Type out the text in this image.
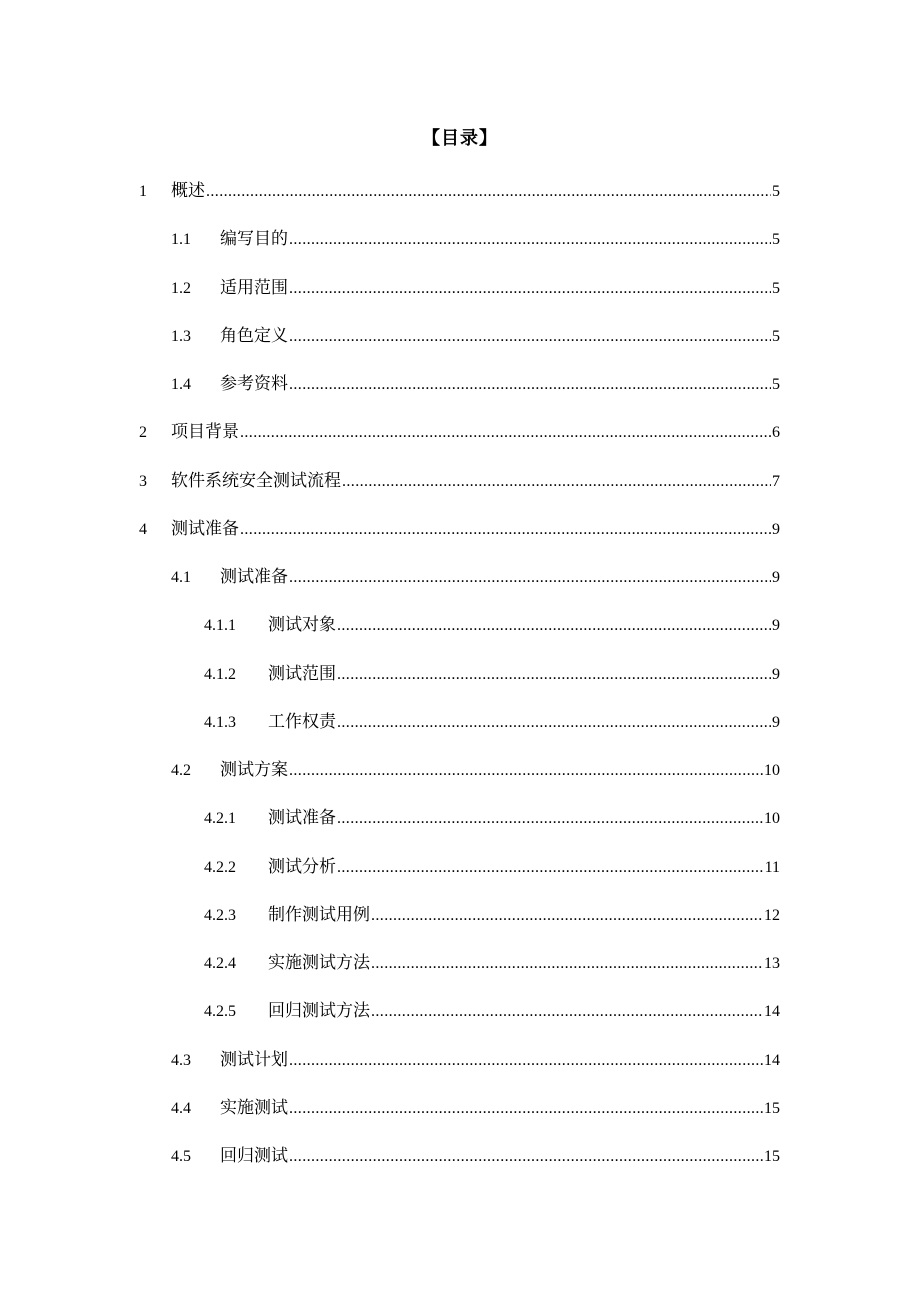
【目录】
1	概述 .....	5
1.1	编写目的 .....	5
1.2	适用范围 .....	5
1.3	角色定义 .....	5
1.4	参考资料 .....	5
2	项目背景 .....	6
3	软件系统安全测试流程 .....	7
4	测试准备 .....	9
4.1	测试准备 .....	9
4.1.1	测试对象 .....	9
4.1.2	测试范围 .....	9
4.1.3	工作权责 .....	9
4.2	测试方案 .....	10
4.2.1	测试准备 .....	10
4.2.2	测试分析 .....	11
4.2.3	制作测试用例 .....	12
4.2.4	实施测试方法 .....	13
4.2.5	回归测试方法 .....	14
4.3	测试计划 .....	14
4.4	实施测试 .....	15
4.5	回归测试 .....	15
